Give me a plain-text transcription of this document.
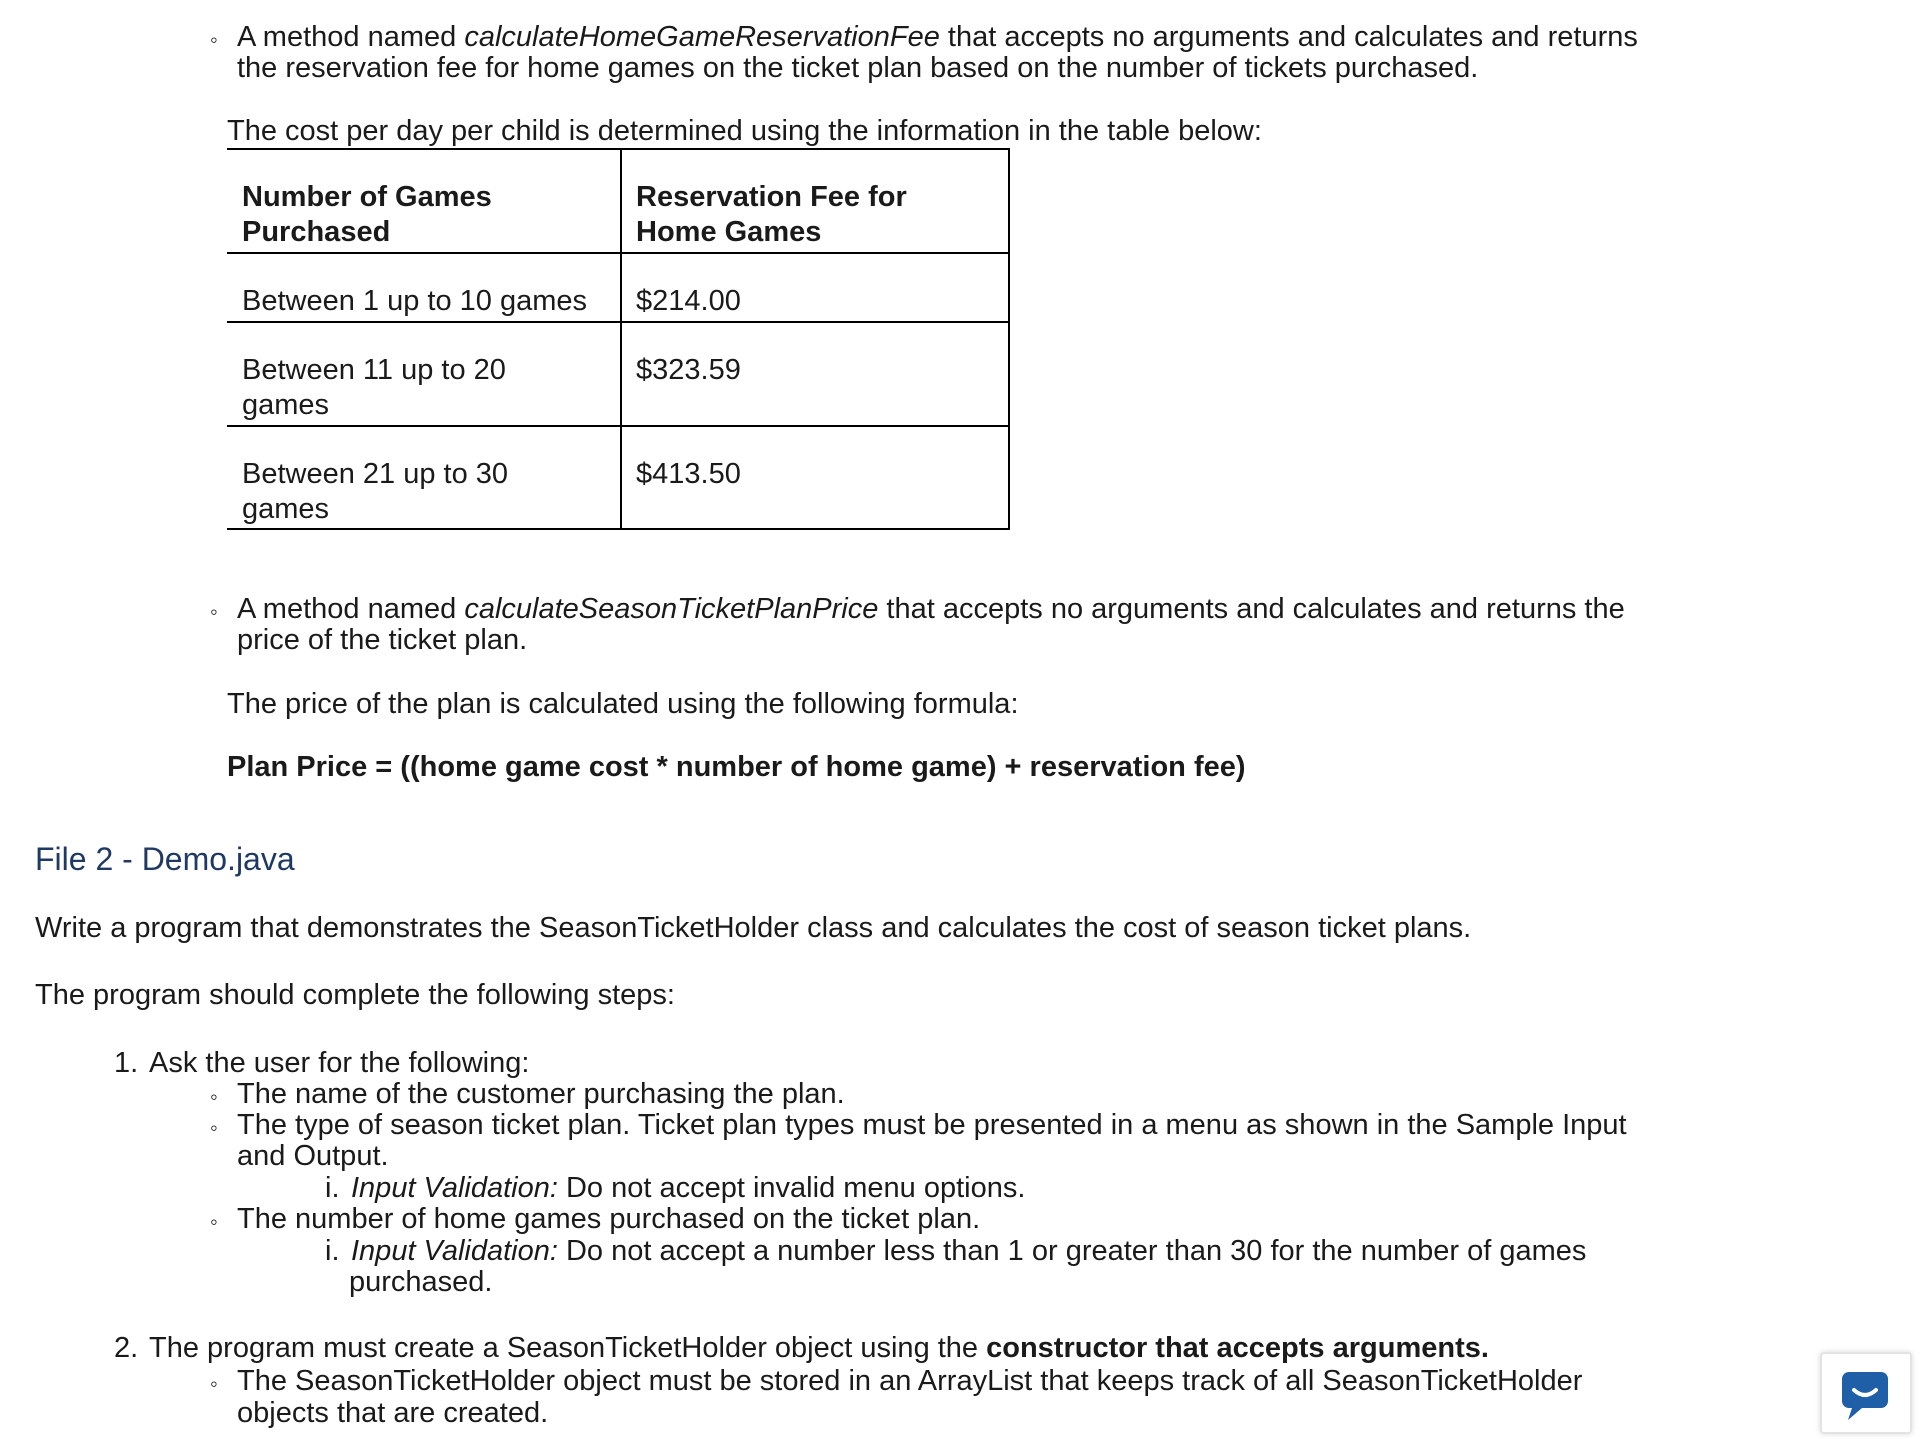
◦ A method named calculateHomeGameReservationFee that accepts no arguments and calculates and returns
the reservation fee for home games on the ticket plan based on the number of tickets purchased.
The cost per day per child is determined using the information in the table below:
Number of Games
Purchased
Reservation Fee for
Home Games
Between 1 up to 10 games $214.00
Between 11 up to 20
games
$323.59
Between 21 up to 30
games
$413.50
◦ A method named calculateSeasonTicketPlanPrice that accepts no arguments and calculates and returns the
price of the ticket plan.
The price of the plan is calculated using the following formula:
Plan Price = ((home game cost * number of home game) + reservation fee)
File 2 - Demo.java
Write a program that demonstrates the SeasonTicketHolder class and calculates the cost of season ticket plans.
The program should complete the following steps:
1. Ask the user for the following:
◦ The name of the customer purchasing the plan.
◦ The type of season ticket plan. Ticket plan types must be presented in a menu as shown in the Sample Input
and Output.
i. Input Validation: Do not accept invalid menu options.
◦ The number of home games purchased on the ticket plan.
i. Input Validation: Do not accept a number less than 1 or greater than 30 for the number of games
purchased.
2. The program must create a SeasonTicketHolder object using the constructor that accepts arguments.
◦ The SeasonTicketHolder object must be stored in an ArrayList that keeps track of all SeasonTicketHolder
objects that are created.
